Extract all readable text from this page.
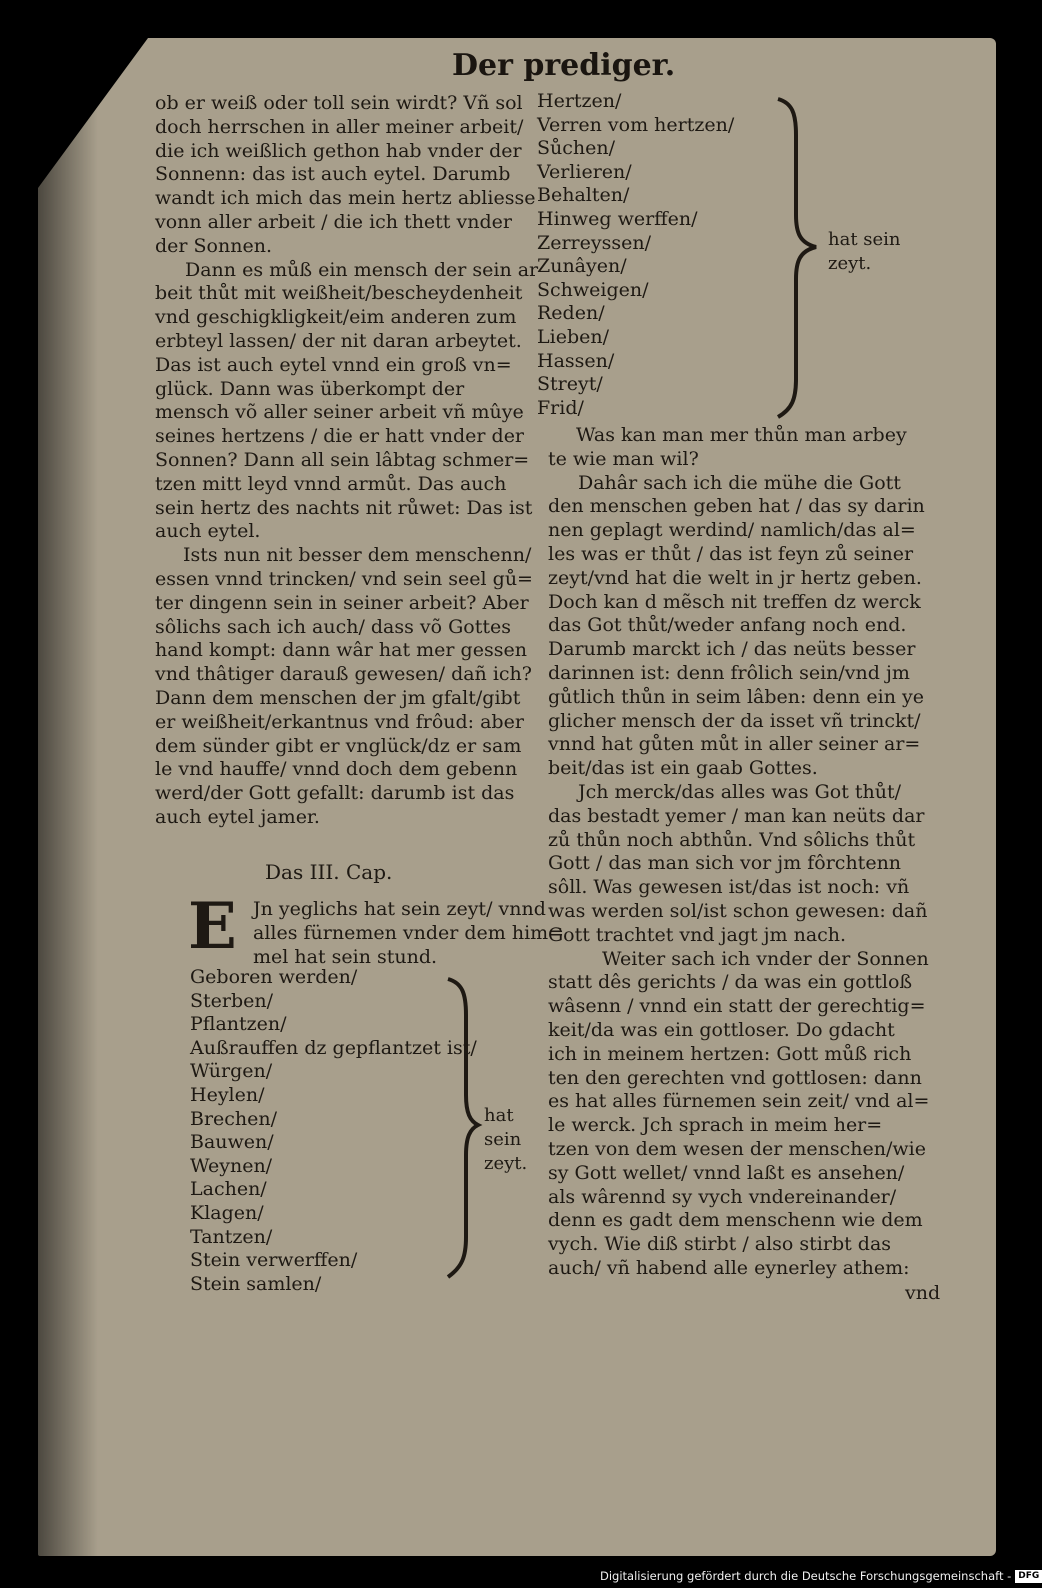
Der prediger.
ob er weiß oder toll sein wirdt? Vñ sol
doch herrschen in aller meiner arbeit/
die ich weißlich gethon hab vnder der
Sonnenn: das ist auch eytel. Darumb
wandt ich mich das mein hertz abliesse
vonn aller arbeit / die ich thett vnder
der Sonnen.
Dann es můß ein mensch der sein ar
beit thůt mit weißheit/bescheydenheit
vnd geschigkligkeit/eim anderen zum
erbteyl lassen/ der nit daran arbeytet.
Das ist auch eytel vnnd ein groß vn=
glück. Dann was überkompt der
mensch võ aller seiner arbeit vñ mûye
seines hertzens / die er hatt vnder der
Sonnen? Dann all sein lâbtag schmer=
tzen mitt leyd vnnd armůt. Das auch
sein hertz des nachts nit růwet: Das ist
auch eytel.
Ists nun nit besser dem menschenn/
essen vnnd trincken/ vnd sein seel gů=
ter dingenn sein in seiner arbeit? Aber
sôlichs sach ich auch/ dass võ Gottes
hand kompt: dann wâr hat mer gessen
vnd thâtiger darauß gewesen/ dañ ich?
Dann dem menschen der jm gfalt/gibt
er weißheit/erkantnus vnd frôud: aber
dem sünder gibt er vnglück/dz er sam
le vnd hauffe/ vnnd doch dem gebenn
werd/der Gott gefallt: darumb ist das
auch eytel jamer.
Das III. Cap.
E Jn yeglichs hat sein zeyt/ vnnd
alles fürnemen vnder dem him=
mel hat sein stund.
Geboren werden/
Sterben/
Pflantzen/
Außrauffen dz gepflantzet ist/
Würgen/
Heylen/
Brechen/
Bauwen/
Weynen/
Lachen/
Klagen/
Tantzen/
Stein verwerffen/
Stein samlen/
hat sein zeyt.
Hertzen/
Verren vom hertzen/
Sůchen/
Verlieren/
Behalten/
Hinweg werffen/
Zerreyssen/
Zunâyen/
Schweigen/
Reden/
Lieben/
Hassen/
Streyt/
Frid/
hat sein zeyt.
Was kan man mer thůn man arbey
te wie man wil?
Dahâr sach ich die mühe die Gott
den menschen geben hat / das sy darin
nen geplagt werdind/ namlich/das al=
les was er thůt / das ist feyn zů seiner
zeyt/vnd hat die welt in jr hertz geben.
Doch kan d mẽsch nit treffen dz werck
das Got thůt/weder anfang noch end.
Darumb marckt ich / das neüts besser
darinnen ist: denn frôlich sein/vnd jm
gůtlich thůn in seim lâben: denn ein ye
glicher mensch der da isset vñ trinckt/
vnnd hat gůten můt in aller seiner ar=
beit/das ist ein gaab Gottes.
Jch merck/das alles was Got thůt/
das bestadt yemer / man kan neüts dar
zů thůn noch abthůn. Vnd sôlichs thůt
Gott / das man sich vor jm fôrchtenn
sôll. Was gewesen ist/das ist noch: vñ
was werden sol/ist schon gewesen: dañ
Gott trachtet vnd jagt jm nach.
Weiter sach ich vnder der Sonnen
statt dês gerichts / da was ein gottloß
wâsenn / vnnd ein statt der gerechtig=
keit/da was ein gottloser. Do gdacht
ich in meinem hertzen: Gott můß rich
ten den gerechten vnd gottlosen: dann
es hat alles fürnemen sein zeit/ vnd al=
le werck. Jch sprach in meim her=
tzen von dem wesen der menschen/wie
sy Gott wellet/ vnnd laßt es ansehen/
als wârennd sy vych vndereinander/
denn es gadt dem menschenn wie dem
vych. Wie diß stirbt / also stirbt das
auch/ vñ habend alle eynerley athem:
vnd
Digitalisierung gefördert durch die Deutsche Forschungsgemeinschaft - DFG
